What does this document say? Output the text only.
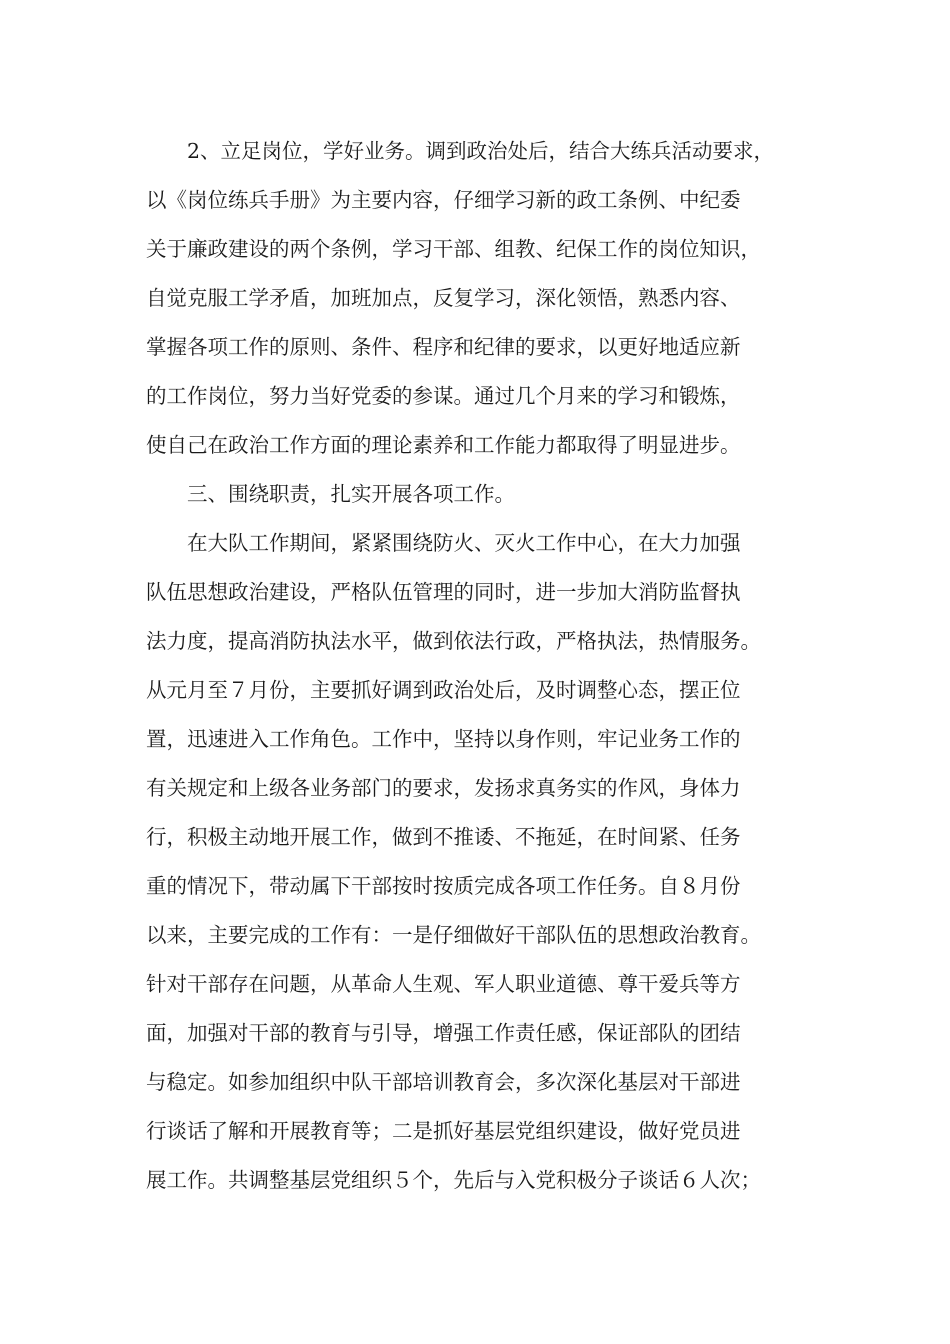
2、立足岗位，学好业务。调到政治处后，结合大练兵活动要求，
以《岗位练兵手册》为主要内容，仔细学习新的政工条例、中纪委
关于廉政建设的两个条例，学习干部、组教、纪保工作的岗位知识，
自觉克服工学矛盾，加班加点，反复学习，深化领悟，熟悉内容、
掌握各项工作的原则、条件、程序和纪律的要求，以更好地适应新
的工作岗位，努力当好党委的参谋。通过几个月来的学习和锻炼，
使自己在政治工作方面的理论素养和工作能力都取得了明显进步。
三、围绕职责，扎实开展各项工作。
在大队工作期间，紧紧围绕防火、灭火工作中心，在大力加强
队伍思想政治建设，严格队伍管理的同时，进一步加大消防监督执
法力度，提高消防执法水平，做到依法行政，严格执法，热情服务。
从元月至７月份，主要抓好调到政治处后，及时调整心态，摆正位
置，迅速进入工作角色。工作中，坚持以身作则，牢记业务工作的
有关规定和上级各业务部门的要求，发扬求真务实的作风，身体力
行，积极主动地开展工作，做到不推诿、不拖延，在时间紧、任务
重的情况下，带动属下干部按时按质完成各项工作任务。自８月份
以来，主要完成的工作有：一是仔细做好干部队伍的思想政治教育。
针对干部存在问题，从革命人生观、军人职业道德、尊干爱兵等方
面，加强对干部的教育与引导，增强工作责任感，保证部队的团结
与稳定。如参加组织中队干部培训教育会，多次深化基层对干部进
行谈话了解和开展教育等；二是抓好基层党组织建设，做好党员进
展工作。共调整基层党组织５个，先后与入党积极分子谈话６人次；
